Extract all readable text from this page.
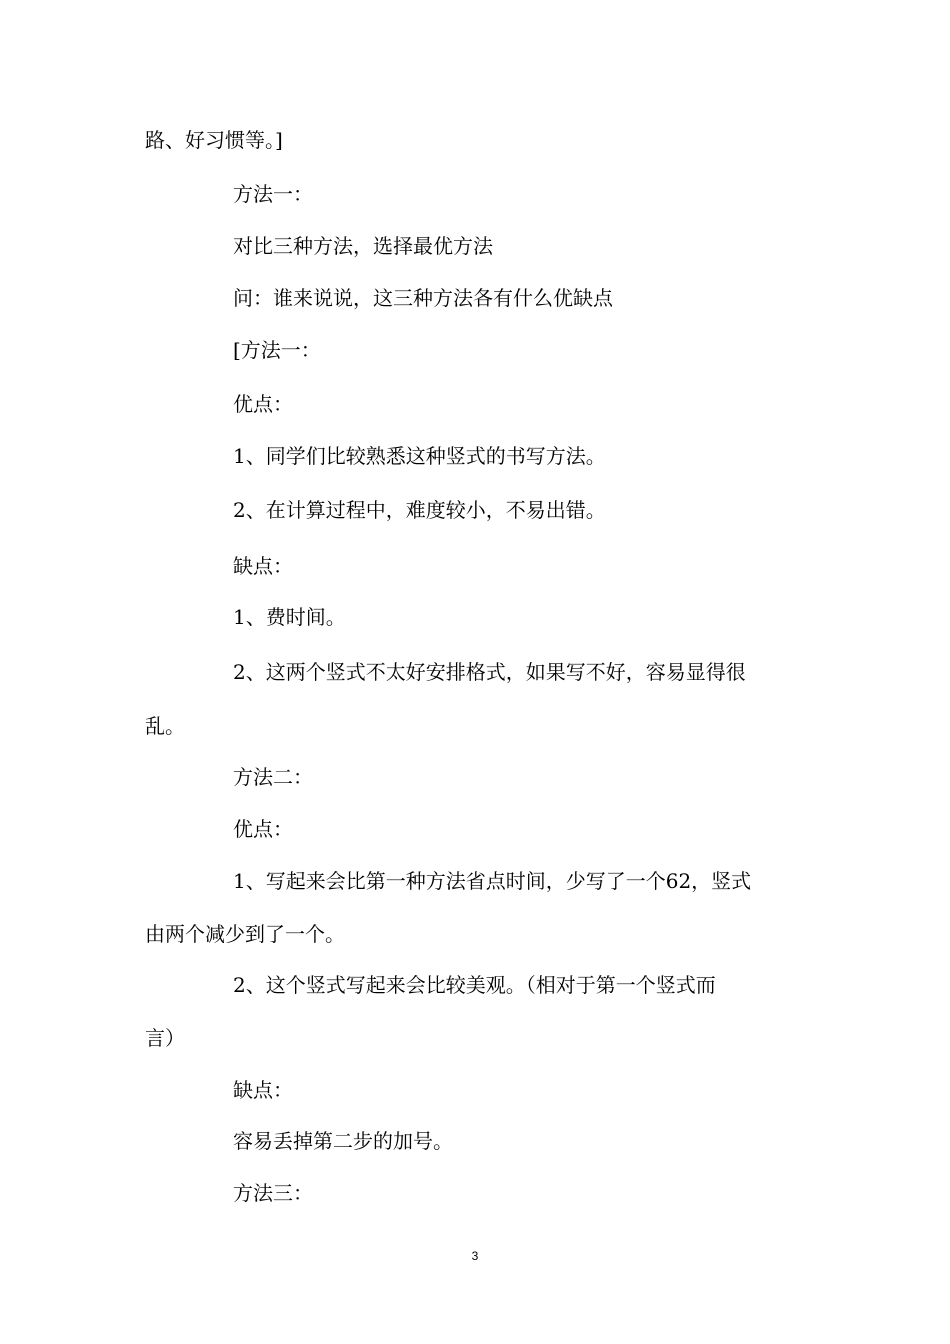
路、好习惯等。]
方法一：
对比三种方法，选择最优方法
问：谁来说说，这三种方法各有什么优缺点
[方法一：
优点：
1、同学们比较熟悉这种竖式的书写方法。
2、在计算过程中，难度较小，不易出错。
缺点：
1、费时间。
2、这两个竖式不太好安排格式，如果写不好，容易显得很
乱。
方法二：
优点：
1、写起来会比第一种方法省点时间，少写了一个62，竖式
由两个减少到了一个。
2、这个竖式写起来会比较美观。（相对于第一个竖式而
言）
缺点：
容易丢掉第二步的加号。
方法三：
3
